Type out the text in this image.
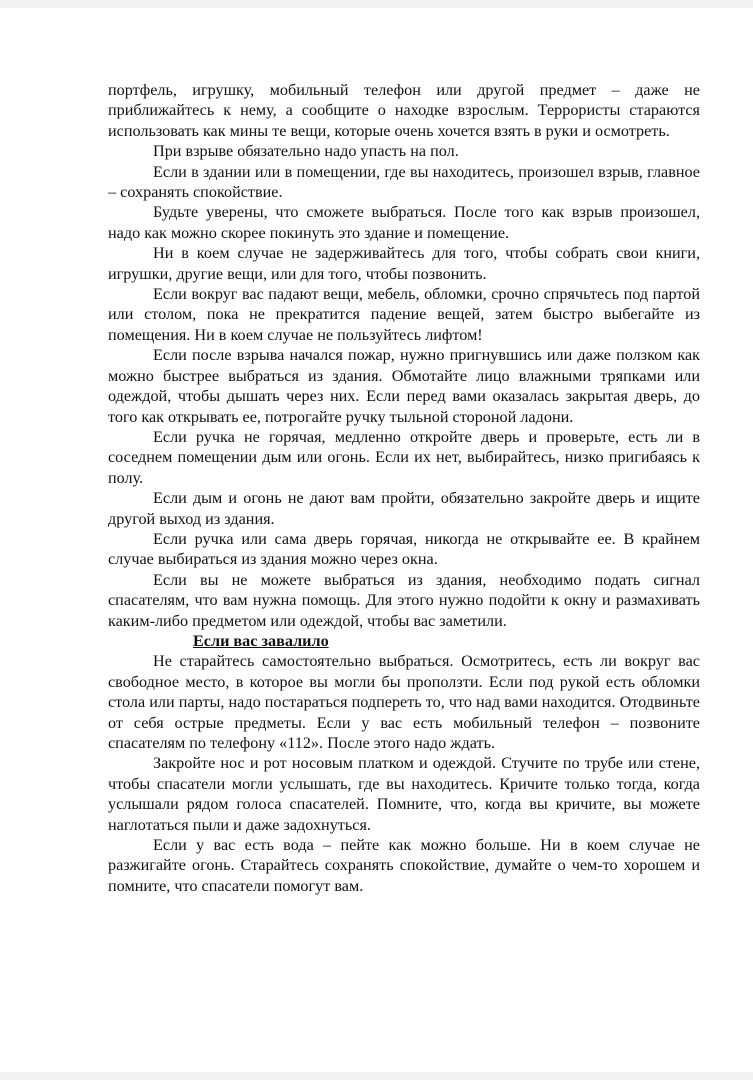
портфель, игрушку, мобильный телефон или другой предмет – даже не приближайтесь к нему, а сообщите о находке взрослым. Террористы стараются использовать как мины те вещи, которые очень хочется взять в руки и осмотреть.

При взрыве обязательно надо упасть на пол.

Если в здании или в помещении, где вы находитесь, произошел взрыв, главное – сохранять спокойствие.

Будьте уверены, что сможете выбраться. После того как взрыв произошел, надо как можно скорее покинуть это здание и помещение.

Ни в коем случае не задерживайтесь для того, чтобы собрать свои книги, игрушки, другие вещи, или для того, чтобы позвонить.

Если вокруг вас падают вещи, мебель, обломки, срочно спрячьтесь под партой или столом, пока не прекратится падение вещей, затем быстро выбегайте из помещения. Ни в коем случае не пользуйтесь лифтом!

Если после взрыва начался пожар, нужно пригнувшись или даже ползком как можно быстрее выбраться из здания. Обмотайте лицо влажными тряпками или одеждой, чтобы дышать через них. Если перед вами оказалась закрытая дверь, до того как открывать ее, потрогайте ручку тыльной стороной ладони.

Если ручка не горячая, медленно откройте дверь и проверьте, есть ли в соседнем помещении дым или огонь. Если их нет, выбирайтесь, низко пригибаясь к полу.

Если дым и огонь не дают вам пройти, обязательно закройте дверь и ищите другой выход из здания.

Если ручка или сама дверь горячая, никогда не открывайте ее. В крайнем случае выбираться из здания можно через окна.

Если вы не можете выбраться из здания, необходимо подать сигнал спасателям, что вам нужна помощь. Для этого нужно подойти к окну и размахивать каким-либо предметом или одеждой, чтобы вас заметили.

Если вас завалило

Не старайтесь самостоятельно выбраться. Осмотритесь, есть ли вокруг вас свободное место, в которое вы могли бы проползти. Если под рукой есть обломки стола или парты, надо постараться подпереть то, что над вами находится. Отодвиньте от себя острые предметы. Если у вас есть мобильный телефон – позвоните спасателям по телефону «112». После этого надо ждать.

Закройте нос и рот носовым платком и одеждой. Стучите по трубе или стене, чтобы спасатели могли услышать, где вы находитесь. Кричите только тогда, когда услышали рядом голоса спасателей. Помните, что, когда вы кричите, вы можете наглотаться пыли и даже задохнуться.

Если у вас есть вода – пейте как можно больше. Ни в коем случае не разжигайте огонь. Старайтесь сохранять спокойствие, думайте о чем-то хорошем и помните, что спасатели помогут вам.
